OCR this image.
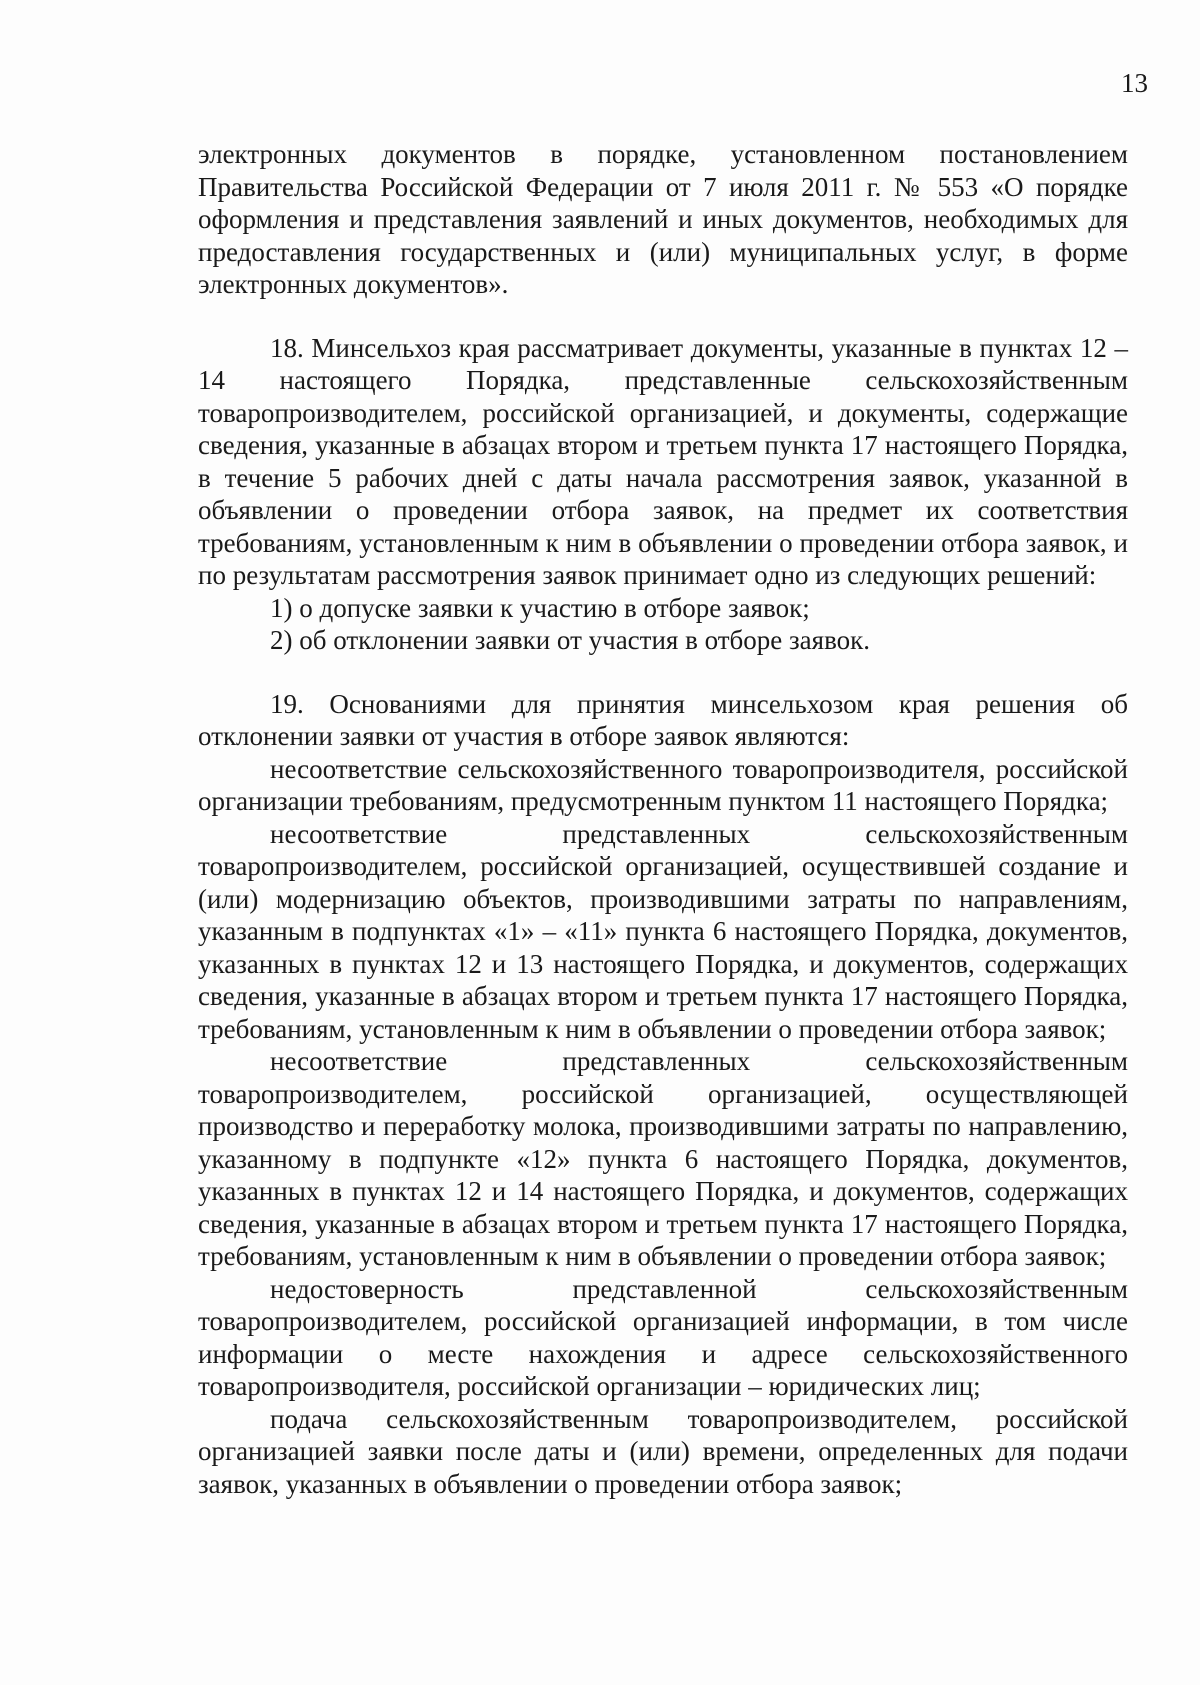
13

электронных документов в порядке, установленном постановлением Правительства Российской Федерации от 7 июля 2011 г. № 553 «О порядке оформления и представления заявлений и иных документов, необходимых для предоставления государственных и (или) муниципальных услуг, в форме электронных документов».

18. Минсельхоз края рассматривает документы, указанные в пунктах 12 – 14 настоящего Порядка, представленные сельскохозяйственным товаропроизводителем, российской организацией, и документы, содержащие сведения, указанные в абзацах втором и третьем пункта 17 настоящего Порядка, в течение 5 рабочих дней с даты начала рассмотрения заявок, указанной в объявлении о проведении отбора заявок, на предмет их соответствия требованиям, установленным к ним в объявлении о проведении отбора заявок, и по результатам рассмотрения заявок принимает одно из следующих решений:

1) о допуске заявки к участию в отборе заявок;

2) об отклонении заявки от участия в отборе заявок.

19. Основаниями для принятия минсельхозом края решения об отклонении заявки от участия в отборе заявок являются:

несоответствие сельскохозяйственного товаропроизводителя, российской организации требованиям, предусмотренным пунктом 11 настоящего Порядка;

несоответствие представленных сельскохозяйственным товаропроизводителем, российской организацией, осуществившей создание и (или) модернизацию объектов, производившими затраты по направлениям, указанным в подпунктах «1» – «11» пункта 6 настоящего Порядка, документов, указанных в пунктах 12 и 13 настоящего Порядка, и документов, содержащих сведения, указанные в абзацах втором и третьем пункта 17 настоящего Порядка, требованиям, установленным к ним в объявлении о проведении отбора заявок;

несоответствие представленных сельскохозяйственным товаропроизводителем, российской организацией, осуществляющей производство и переработку молока, производившими затраты по направлению, указанному в подпункте «12» пункта 6 настоящего Порядка, документов, указанных в пунктах 12 и 14 настоящего Порядка, и документов, содержащих сведения, указанные в абзацах втором и третьем пункта 17 настоящего Порядка, требованиям, установленным к ним в объявлении о проведении отбора заявок;

недостоверность представленной сельскохозяйственным товаропроизводителем, российской организацией информации, в том числе информации о месте нахождения и адресе сельскохозяйственного товаропроизводителя, российской организации – юридических лиц;

подача сельскохозяйственным товаропроизводителем, российской организацией заявки после даты и (или) времени, определенных для подачи заявок, указанных в объявлении о проведении отбора заявок;
